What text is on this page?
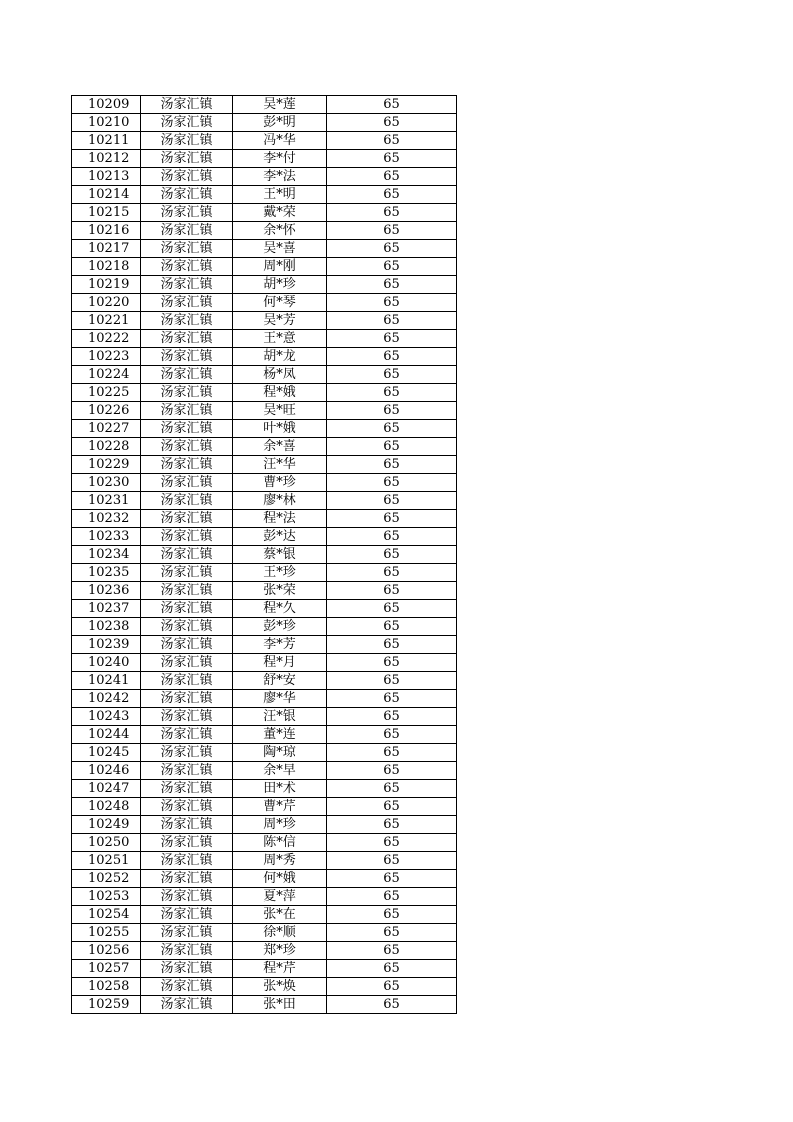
10209	汤家汇镇	吴*莲	65
10210	汤家汇镇	彭*明	65
10211	汤家汇镇	冯*华	65
10212	汤家汇镇	李*付	65
10213	汤家汇镇	李*法	65
10214	汤家汇镇	王*明	65
10215	汤家汇镇	戴*荣	65
10216	汤家汇镇	余*怀	65
10217	汤家汇镇	吴*喜	65
10218	汤家汇镇	周*刚	65
10219	汤家汇镇	胡*珍	65
10220	汤家汇镇	何*琴	65
10221	汤家汇镇	吴*芳	65
10222	汤家汇镇	王*意	65
10223	汤家汇镇	胡*龙	65
10224	汤家汇镇	杨*凤	65
10225	汤家汇镇	程*娥	65
10226	汤家汇镇	吴*旺	65
10227	汤家汇镇	叶*娥	65
10228	汤家汇镇	余*喜	65
10229	汤家汇镇	汪*华	65
10230	汤家汇镇	曹*珍	65
10231	汤家汇镇	廖*林	65
10232	汤家汇镇	程*法	65
10233	汤家汇镇	彭*达	65
10234	汤家汇镇	蔡*银	65
10235	汤家汇镇	王*珍	65
10236	汤家汇镇	张*荣	65
10237	汤家汇镇	程*久	65
10238	汤家汇镇	彭*珍	65
10239	汤家汇镇	李*芳	65
10240	汤家汇镇	程*月	65
10241	汤家汇镇	舒*安	65
10242	汤家汇镇	廖*华	65
10243	汤家汇镇	汪*银	65
10244	汤家汇镇	董*连	65
10245	汤家汇镇	陶*琼	65
10246	汤家汇镇	余*早	65
10247	汤家汇镇	田*术	65
10248	汤家汇镇	曹*芹	65
10249	汤家汇镇	周*珍	65
10250	汤家汇镇	陈*信	65
10251	汤家汇镇	周*秀	65
10252	汤家汇镇	何*娥	65
10253	汤家汇镇	夏*萍	65
10254	汤家汇镇	张*在	65
10255	汤家汇镇	徐*顺	65
10256	汤家汇镇	郑*珍	65
10257	汤家汇镇	程*芹	65
10258	汤家汇镇	张*焕	65
10259	汤家汇镇	张*田	65
